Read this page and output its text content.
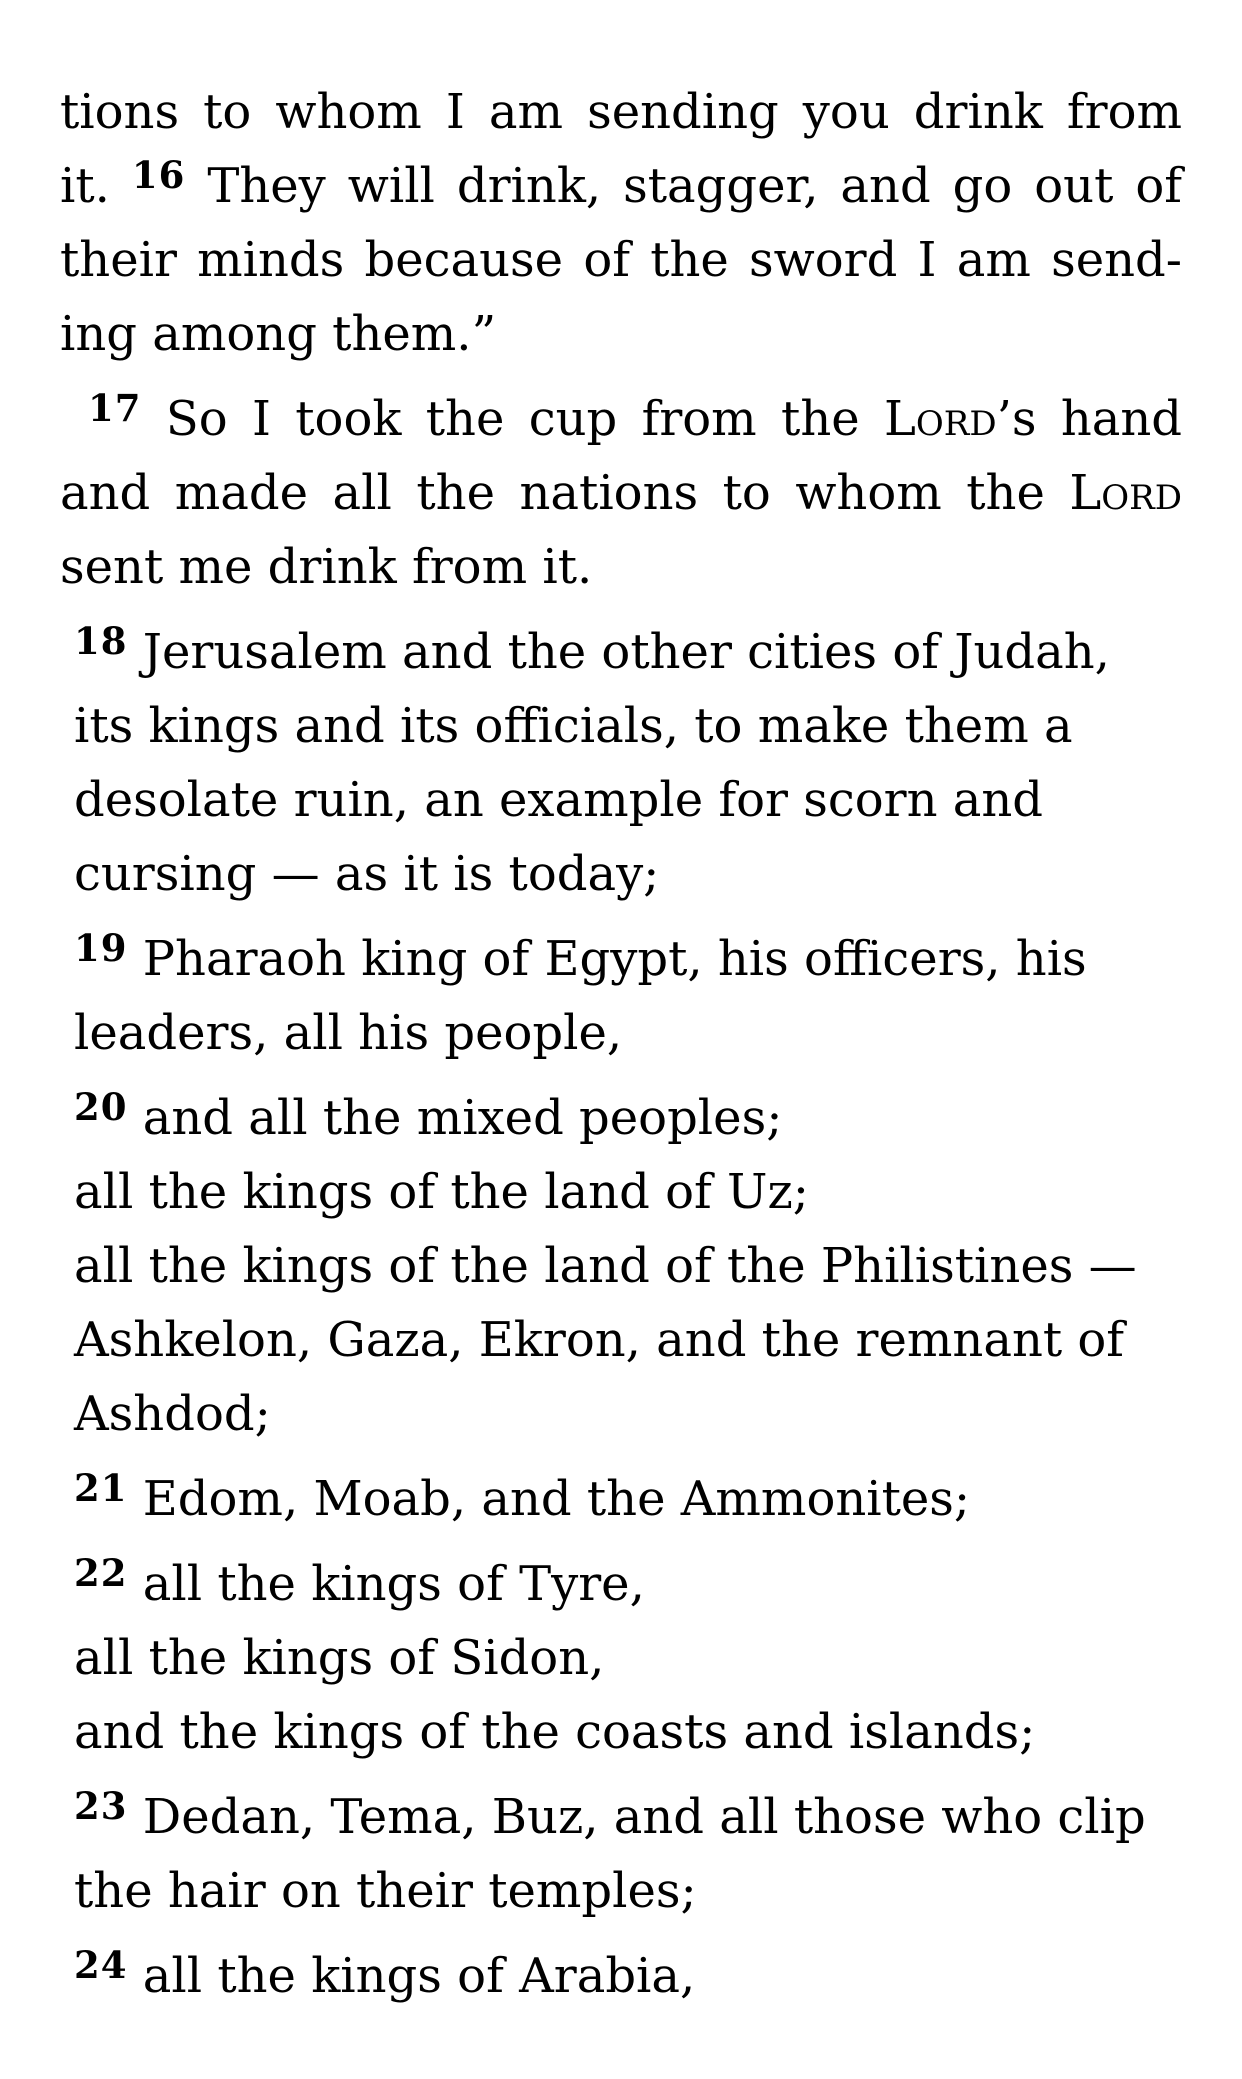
tions to whom I am sending you drink from
it. $^{16}$ They will drink, stagger, and go out of
their minds because of the sword I am send-
ing among them.”
$^{17}$ So I took the cup from the Lord’s hand
and made all the nations to whom the Lord
sent me drink from it.
$^{18}$ Jerusalem and the other cities of Judah,
its kings and its officials, to make them a
desolate ruin, an example for scorn and
cursing — as it is today;
$^{19}$ Pharaoh king of Egypt, his officers, his
leaders, all his people,
$^{20}$ and all the mixed peoples;
all the kings of the land of Uz;
all the kings of the land of the Philistines —
Ashkelon, Gaza, Ekron, and the remnant of
Ashdod;
$^{21}$ Edom, Moab, and the Ammonites;
$^{22}$ all the kings of Tyre,
all the kings of Sidon,
and the kings of the coasts and islands;
$^{23}$ Dedan, Tema, Buz, and all those who clip
the hair on their temples;
$^{24}$ all the kings of Arabia,
